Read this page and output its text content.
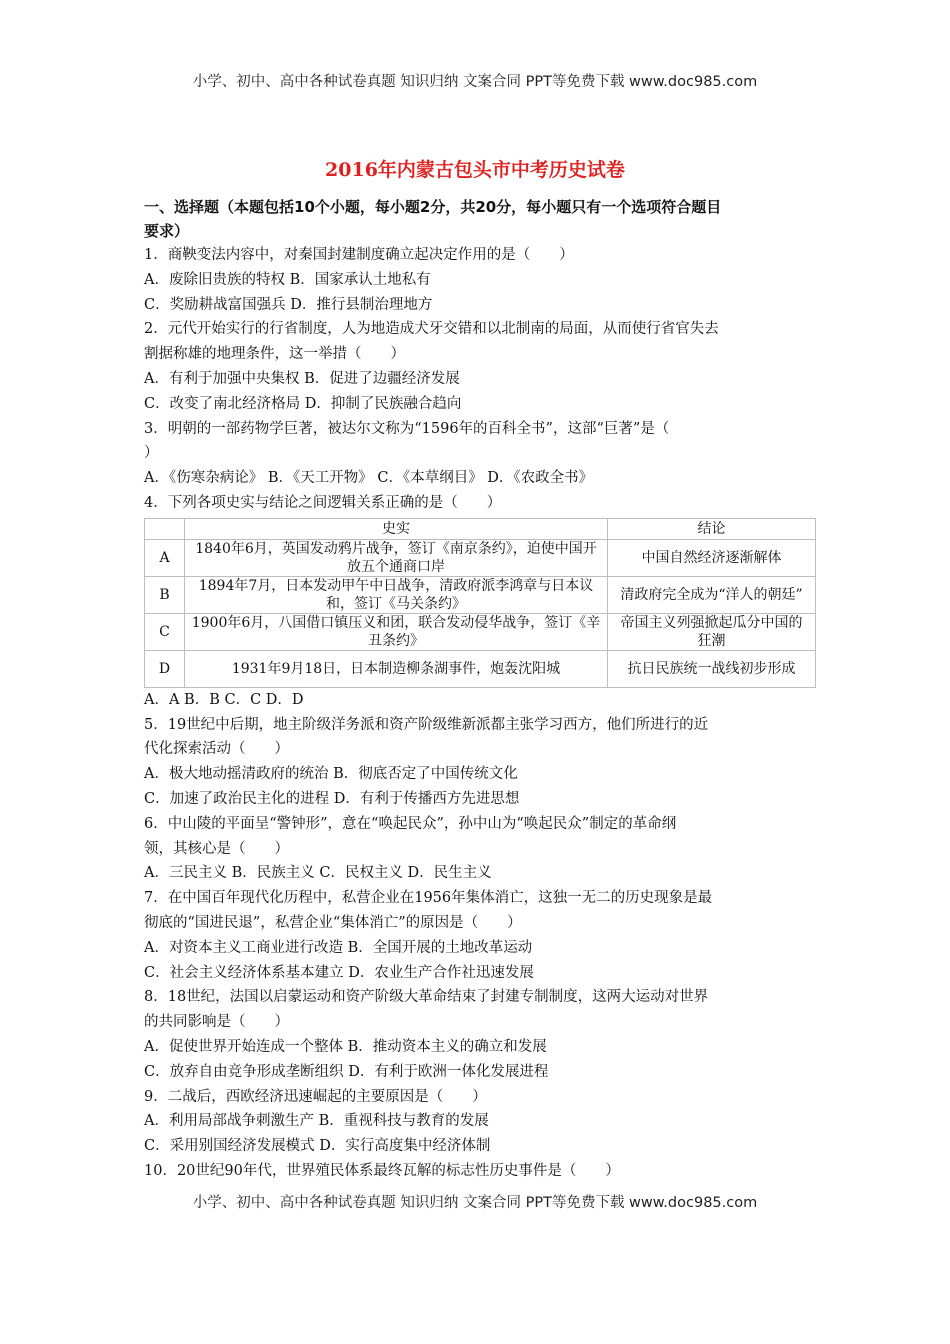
小学、初中、高中各种试卷真题 知识归纳 文案合同 PPT等免费下载 www.doc985.com
2016年内蒙古包头市中考历史试卷

一、选择题（本题包括10个小题，每小题2分，共20分，每小题只有一个选项符合题目

要求）

1．商鞅变法内容中，对秦国封建制度确立起决定作用的是（　　）

A．废除旧贵族的特权 B．国家承认土地私有

C．奖励耕战富国强兵 D．推行县制治理地方

2．元代开始实行的行省制度，人为地造成犬牙交错和以北制南的局面，从而使行省官失去

割据称雄的地理条件，这一举措（　　）

A．有利于加强中央集权 B．促进了边疆经济发展

C．改变了南北经济格局 D．抑制了民族融合趋向

3．明朝的一部药物学巨著，被达尔文称为“1596年的百科全书”，这部“巨著”是（

）

A．《伤寒杂病论》 B．《天工开物》 C．《本草纲目》 D．《农政全书》

4．下列各项史实与结论之间逻辑关系正确的是（　　）

	史实	结论
A	1840年6月，英国发动鸦片战争，签订《南京条约》，迫使中国开放五个通商口岸	中国自然经济逐渐解体
B	1894年7月，日本发动甲午中日战争，清政府派李鸿章与日本议和，签订《马关条约》	清政府完全成为“洋人的朝廷”
C	1900年6月，八国借口镇压义和团，联合发动侵华战争，签订《辛丑条约》	帝国主义列强掀起瓜分中国的狂潮
D	1931年9月18日，日本制造柳条湖事件，炮轰沈阳城	抗日民族统一战线初步形成

A．A B．B C．C D．D

5．19世纪中后期，地主阶级洋务派和资产阶级维新派都主张学习西方，他们所进行的近

代化探索活动（　　）

A．极大地动摇清政府的统治 B．彻底否定了中国传统文化

C．加速了政治民主化的进程 D．有利于传播西方先进思想

6．中山陵的平面呈“警钟形”，意在“唤起民众”，孙中山为“唤起民众”制定的革命纲

领，其核心是（　　）

A．三民主义 B．民族主义 C．民权主义 D．民生主义

7．在中国百年现代化历程中，私营企业在1956年集体消亡，这独一无二的历史现象是最

彻底的“国进民退”，私营企业“集体消亡”的原因是（　　）

A．对资本主义工商业进行改造 B．全国开展的土地改革运动

C．社会主义经济体系基本建立 D．农业生产合作社迅速发展

8．18世纪，法国以启蒙运动和资产阶级大革命结束了封建专制制度，这两大运动对世界

的共同影响是（　　）

A．促使世界开始连成一个整体 B．推动资本主义的确立和发展

C．放弃自由竞争形成垄断组织 D．有利于欧洲一体化发展进程

9．二战后，西欧经济迅速崛起的主要原因是（　　）

A．利用局部战争刺激生产 B．重视科技与教育的发展

C．采用别国经济发展模式 D．实行高度集中经济体制

10．20世纪90年代，世界殖民体系最终瓦解的标志性历史事件是（　　）

小学、初中、高中各种试卷真题 知识归纳 文案合同 PPT等免费下载 www.doc985.com
